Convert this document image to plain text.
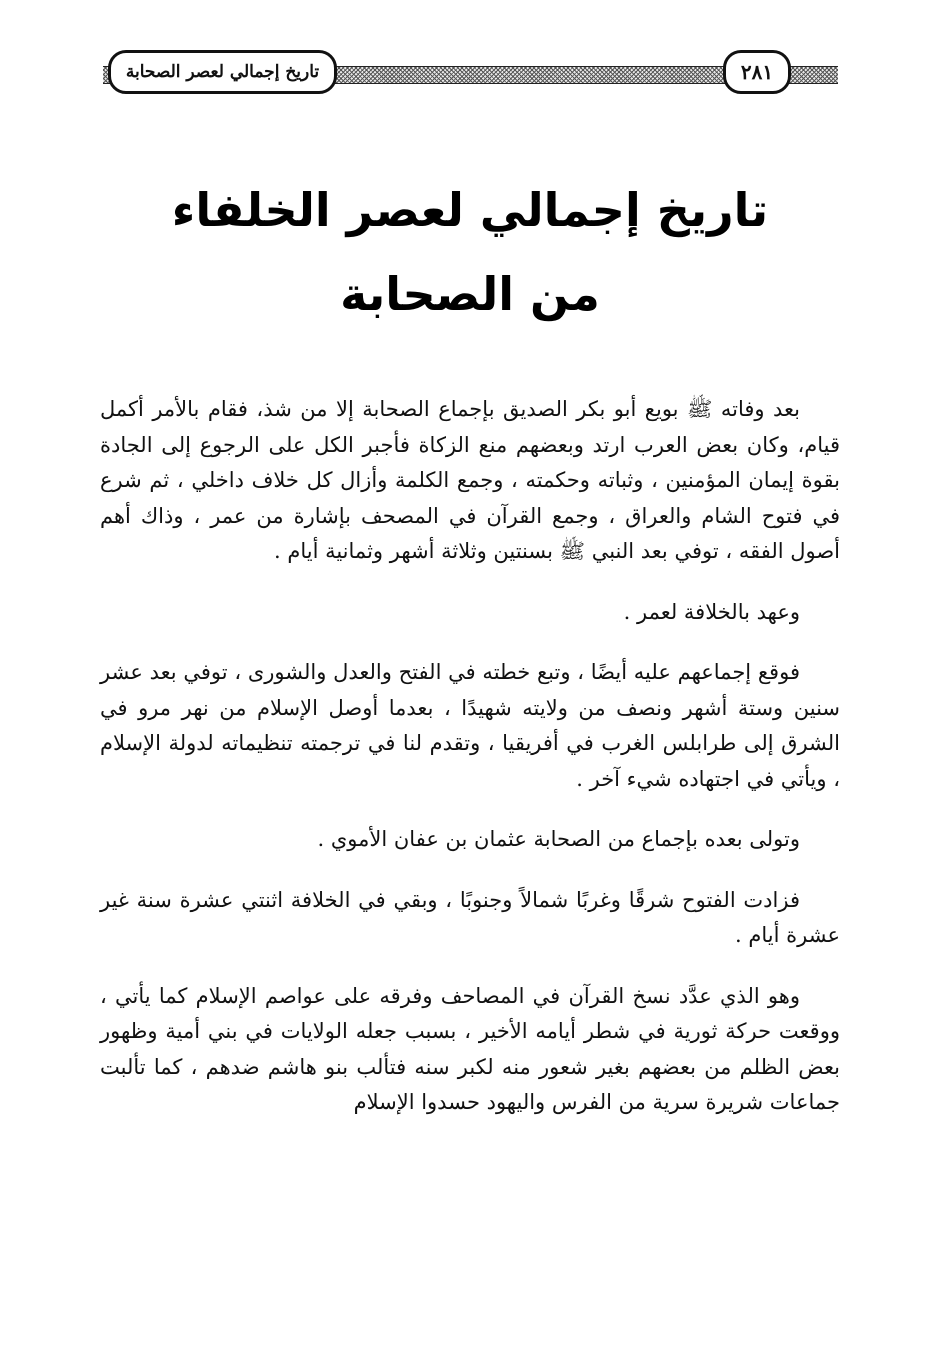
تاريخ إجمالي لعصر الصحابة	٢٨١
تاريخ إجمالي لعصر الخلفاء
من الصحابة

بعد وفاته ﷺ بويع أبو بكر الصديق بإجماع الصحابة إلا من شذ، فقام بالأمر أكمل قيام، وكان بعض العرب ارتد وبعضهم منع الزكاة فأجبر الكل على الرجوع إلى الجادة بقوة إيمان المؤمنين ، وثباته وحكمته ، وجمع الكلمة وأزال كل خلاف داخلي ، ثم شرع في فتوح الشام والعراق ، وجمع القرآن في المصحف بإشارة من عمر ، وذاك أهم أصول الفقه ، توفي بعد النبي ﷺ بسنتين وثلاثة أشهر وثمانية أيام .

وعهد بالخلافة لعمر .

فوقع إجماعهم عليه أيضًا ، وتبع خطته في الفتح والعدل والشورى ، توفي بعد عشر سنين وستة أشهر ونصف من ولايته شهيدًا ، بعدما أوصل الإسلام من نهر مرو في الشرق إلى طرابلس الغرب في أفريقيا ، وتقدم لنا في ترجمته تنظيماته لدولة الإسلام ، ويأتي في اجتهاده شيء آخر .

وتولى بعده بإجماع من الصحابة عثمان بن عفان الأموي .

فزادت الفتوح شرقًا وغربًا شمالاً وجنوبًا ، وبقي في الخلافة اثنتي عشرة سنة غير عشرة أيام .

وهو الذي عدَّد نسخ القرآن في المصاحف وفرقه على عواصم الإسلام كما يأتي ، ووقعت حركة ثورية في شطر أيامه الأخير ، بسبب جعله الولايات في بني أمية وظهور بعض الظلم من بعضهم بغير شعور منه لكبر سنه فتألب بنو هاشم ضدهم ، كما تألبت جماعات شريرة سرية من الفرس واليهود حسدوا الإسلام
